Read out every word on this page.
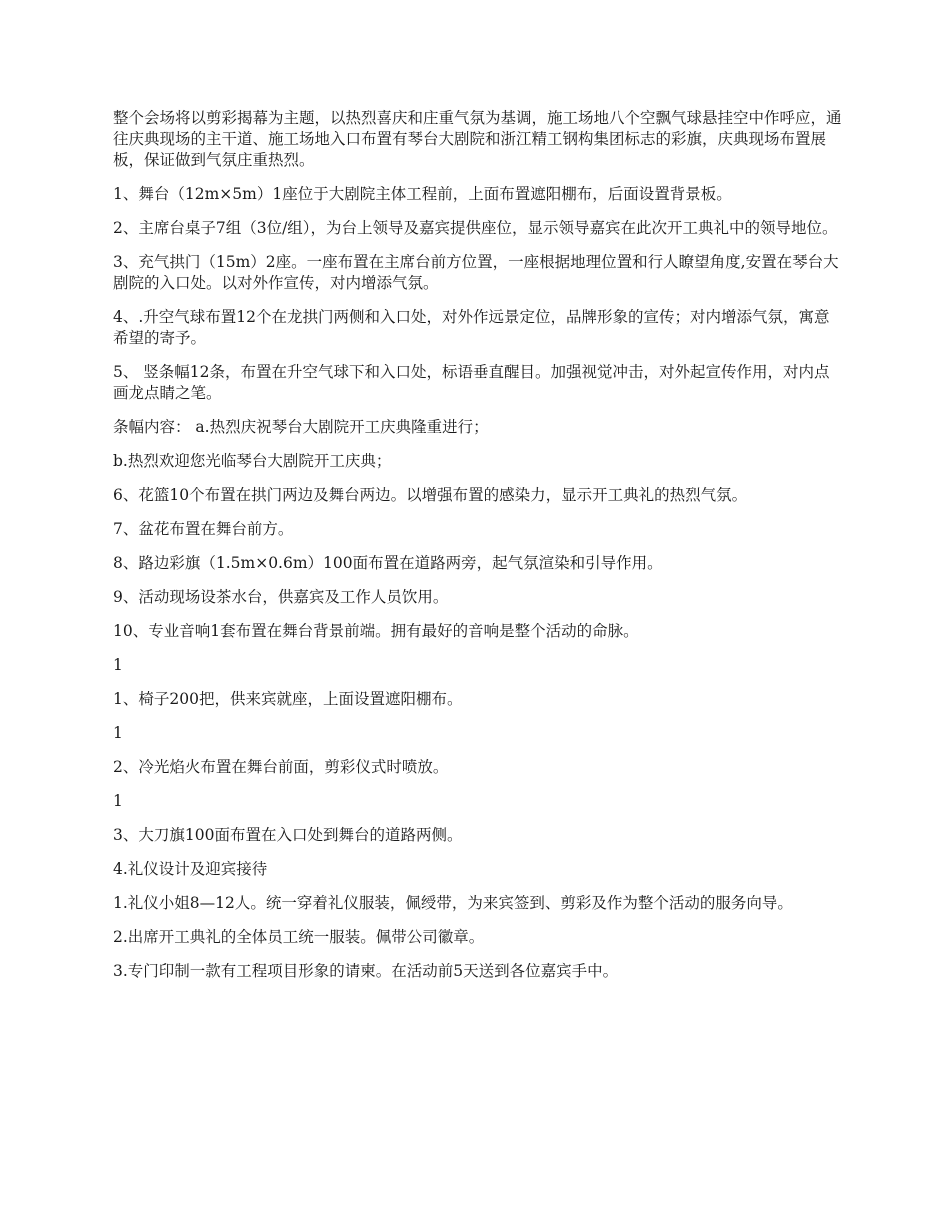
整个会场将以剪彩揭幕为主题，以热烈喜庆和庄重气氛为基调，施工场地八个空飘气球悬挂空中作呼应，通往庆典现场的主干道、施工场地入口布置有琴台大剧院和浙江精工钢构集团标志的彩旗，庆典现场布置展板，保证做到气氛庄重热烈。

1、舞台（12m×5m）1座位于大剧院主体工程前，上面布置遮阳棚布，后面设置背景板。

2、主席台桌子7组（3位/组），为台上领导及嘉宾提供座位，显示领导嘉宾在此次开工典礼中的领导地位。

3、充气拱门（15m）2座。一座布置在主席台前方位置，一座根据地理位置和行人瞭望角度,安置在琴台大剧院的入口处。以对外作宣传，对内增添气氛。

4、.升空气球布置12个在龙拱门两侧和入口处，对外作远景定位，品牌形象的宣传；对内增添气氛，寓意希望的寄予。

5、 竖条幅12条，布置在升空气球下和入口处，标语垂直醒目。加强视觉冲击，对外起宣传作用，对内点画龙点睛之笔。

条幅内容： a.热烈庆祝琴台大剧院开工庆典隆重进行；

b.热烈欢迎您光临琴台大剧院开工庆典；

6、花篮10个布置在拱门两边及舞台两边。以增强布置的感染力，显示开工典礼的热烈气氛。

7、盆花布置在舞台前方。

8、路边彩旗（1.5m×0.6m）100面布置在道路两旁，起气氛渲染和引导作用。

9、活动现场设茶水台，供嘉宾及工作人员饮用。

10、专业音响1套布置在舞台背景前端。拥有最好的音响是整个活动的命脉。

1

1、椅子200把，供来宾就座，上面设置遮阳棚布。

1

2、冷光焰火布置在舞台前面，剪彩仪式时喷放。

1

3、大刀旗100面布置在入口处到舞台的道路两侧。

4.礼仪设计及迎宾接待

1.礼仪小姐8—12人。统一穿着礼仪服装，佩绶带，为来宾签到、剪彩及作为整个活动的服务向导。

2.出席开工典礼的全体员工统一服装。佩带公司徽章。

3.专门印制一款有工程项目形象的请柬。在活动前5天送到各位嘉宾手中。
